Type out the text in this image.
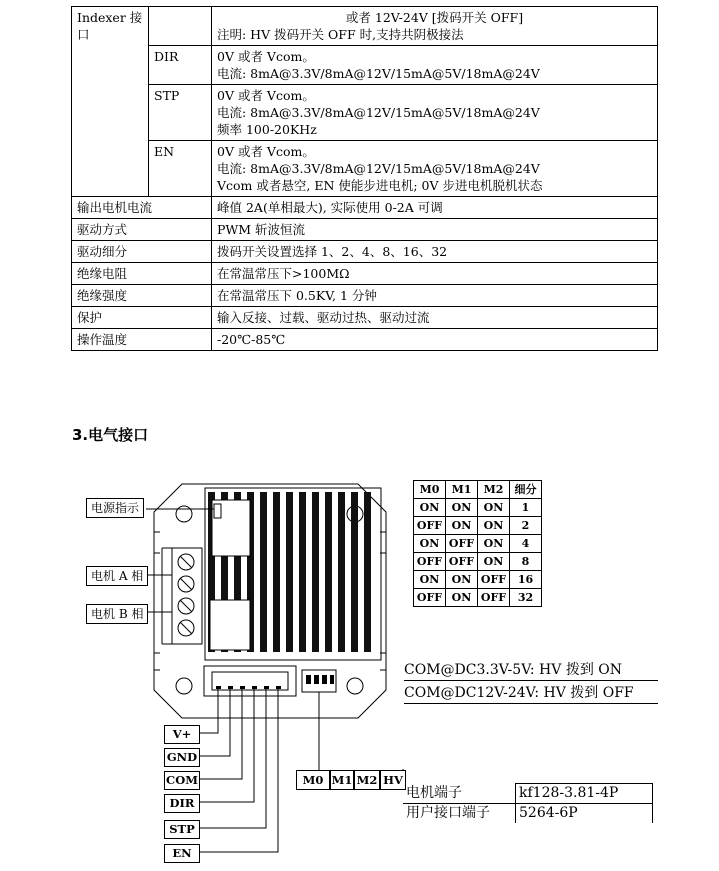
Indexer 接口		或者 12V-24V [拨码开关 OFF]
注明: HV 拨码开关 OFF 时,支持共阴极接法

	DIR	0V 或者 Vcom。
电流: 8mA@3.3V/8mA@12V/15mA@5V/18mA@24V

	STP	0V 或者 Vcom。
电流: 8mA@3.3V/8mA@12V/15mA@5V/18mA@24V
频率 100-20KHz

	EN	0V 或者 Vcom。
电流: 8mA@3.3V/8mA@12V/15mA@5V/18mA@24V
Vcom 或者悬空, EN 使能步进电机; 0V 步进电机脱机状态

输出电机电流		峰值 2A(单相最大), 实际使用 0-2A 可调

驱动方式		PWM 斩波恒流

驱动细分		拨码开关设置选择 1、2、4、8、16、32

绝缘电阻		在常温常压下>100MΩ

绝缘强度		在常温常压下 0.5KV, 1 分钟

保护		输入反接、过载、驱动过热、驱动过流

操作温度		-20℃-85℃
3.电气接口
电源指示
电机 A 相
电机 B 相
V+
GND
COM
DIR
STP
EN
M0 M1 M2 HV
M0	M1	M2	细分
ON	ON	ON	1
OFF	ON	ON	2
ON	OFF	ON	4
OFF	OFF	ON	8
ON	ON	OFF	16
OFF	ON	OFF	32
COM@DC3.3V-5V: HV 拨到 ON
COM@DC12V-24V: HV 拨到 OFF
电机端子	kf128-3.81-4P
用户接口端子	5264-6P
